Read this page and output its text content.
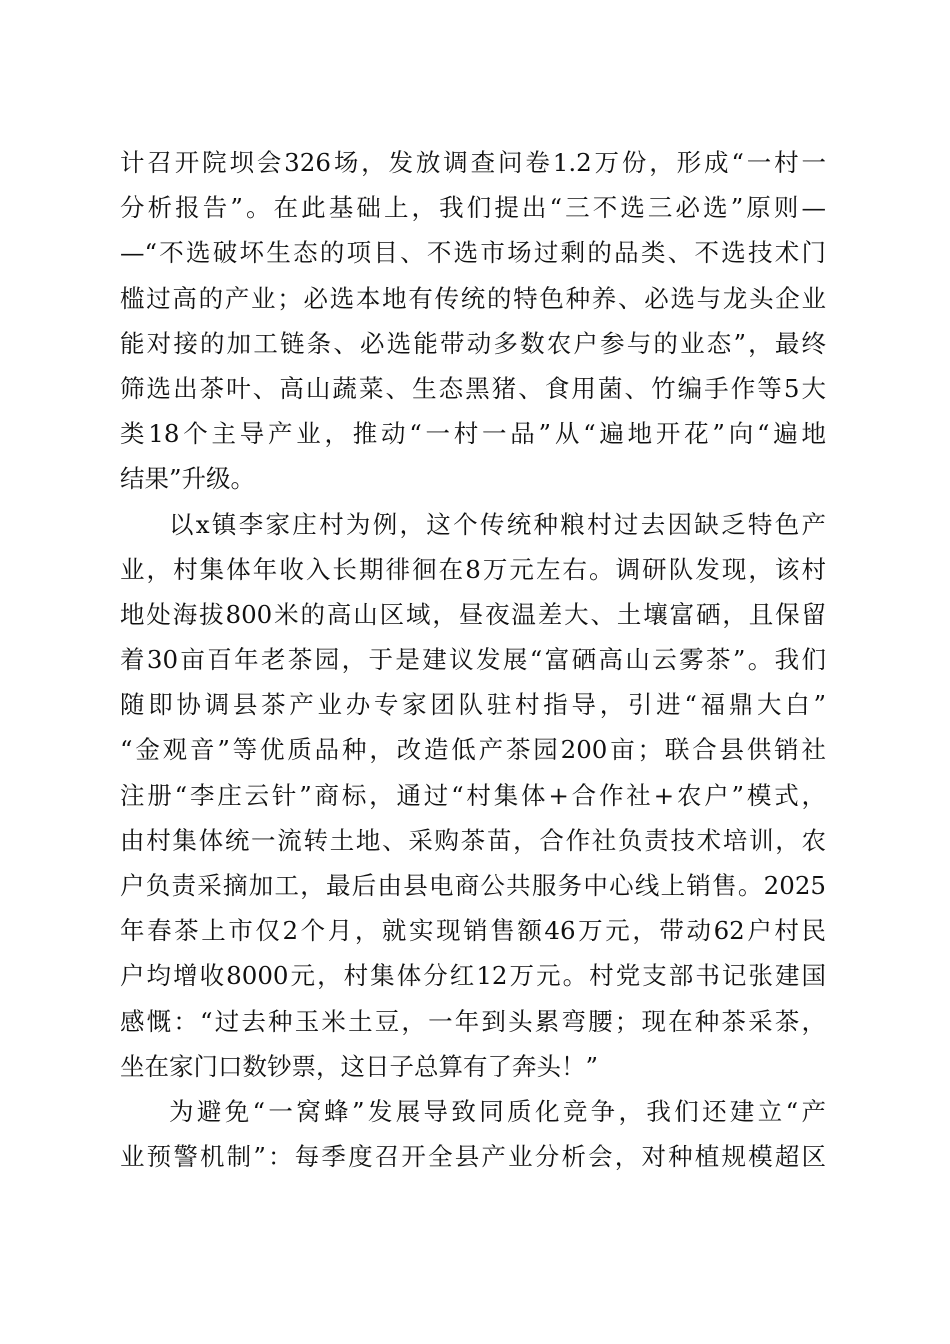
计召开院坝会326场，发放调查问卷1.2万份，形成“一村一
分析报告”。在此基础上，我们提出“三不选三必选”原则—
—“不选破坏生态的项目、不选市场过剩的品类、不选技术门
槛过高的产业；必选本地有传统的特色种养、必选与龙头企业
能对接的加工链条、必选能带动多数农户参与的业态”，最终
筛选出茶叶、高山蔬菜、生态黑猪、食用菌、竹编手作等5大
类18个主导产业，推动“一村一品”从“遍地开花”向“遍地
结果”升级。
以x镇李家庄村为例，这个传统种粮村过去因缺乏特色产
业，村集体年收入长期徘徊在8万元左右。调研队发现，该村
地处海拔800米的高山区域，昼夜温差大、土壤富硒，且保留
着30亩百年老茶园，于是建议发展“富硒高山云雾茶”。我们
随即协调县茶产业办专家团队驻村指导，引进“福鼎大白”
“金观音”等优质品种，改造低产茶园200亩；联合县供销社
注册“李庄云针”商标，通过“村集体+合作社+农户”模式，
由村集体统一流转土地、采购茶苗，合作社负责技术培训，农
户负责采摘加工，最后由县电商公共服务中心线上销售。2025
年春茶上市仅2个月，就实现销售额46万元，带动62户村民
户均增收8000元，村集体分红12万元。村党支部书记张建国
感慨：“过去种玉米土豆，一年到头累弯腰；现在种茶采茶，
坐在家门口数钞票，这日子总算有了奔头！”
为避免“一窝蜂”发展导致同质化竞争，我们还建立“产
业预警机制”：每季度召开全县产业分析会，对种植规模超区
